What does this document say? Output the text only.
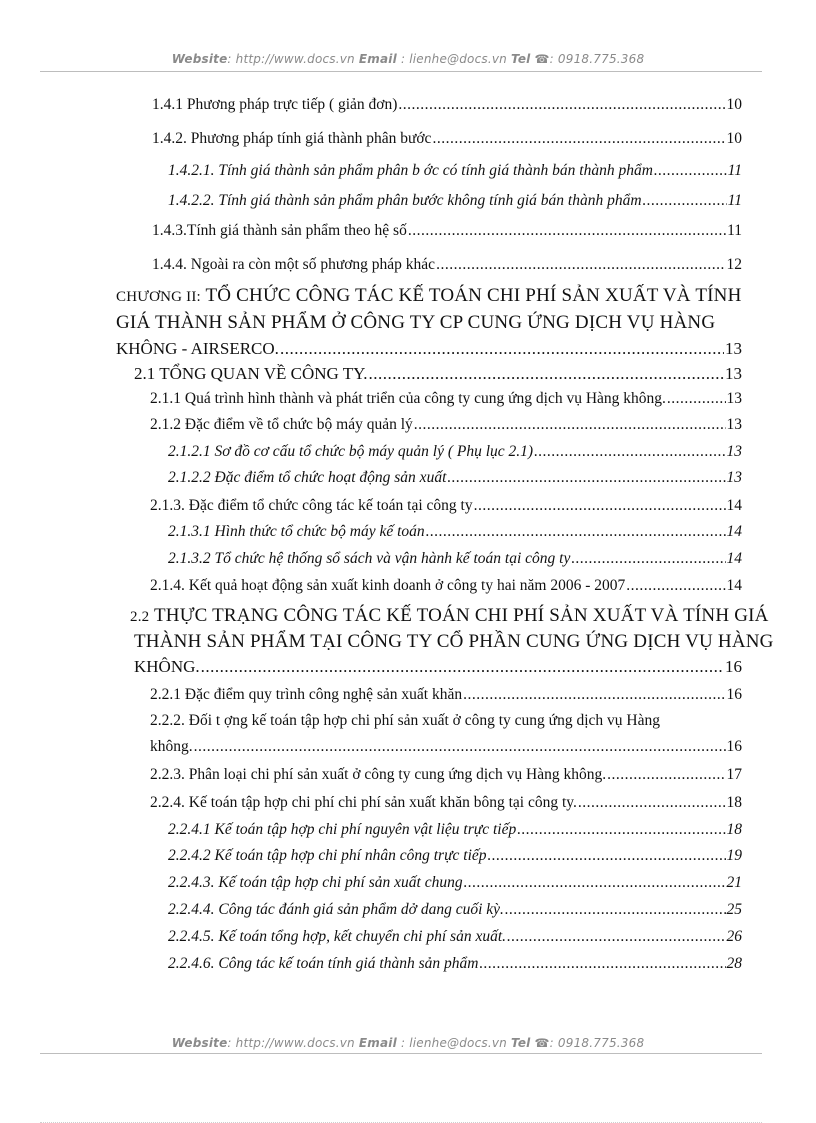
Website: http://www.docs.vn Email : lienhe@docs.vn Tel ☎: 0918.775.368
1.4.1 Phương pháp trực tiếp ( giản đơn) .....	10
1.4.2. Phương pháp tính giá thành phân bước .....	10
1.4.2.1. Tính giá thành sản phẩm phân b ớc có tính giá thành bán thành phẩm .....	11
1.4.2.2. Tính giá thành sản phẩm phân bước không tính giá bán thành phẩm .....	11
1.4.3.Tính giá thành sản phẩm theo hệ số .....	11
1.4.4. Ngoài ra còn một số phương pháp khác .....	12
CHƯƠNG II: TỔ CHỨC CÔNG TÁC KẾ TOÁN CHI PHÍ SẢN XUẤT VÀ TÍNH
GIÁ THÀNH SẢN PHẨM Ở CÔNG TY CP CUNG ỨNG DỊCH VỤ HÀNG
KHÔNG - AIRSERCO. .....	13
2.1 TỔNG QUAN VỀ CÔNG TY. .....	13
2.1.1 Quá trình hình thành và phát triển của công ty cung ứng dịch vụ Hàng không. .....	13
2.1.2 Đặc điểm về tổ chức bộ máy quản lý .....	13
2.1.2.1 Sơ đồ cơ cấu tổ chức bộ máy quản lý ( Phụ lục 2.1) .....	13
2.1.2.2 Đặc điểm tổ chức hoạt động sản xuất .....	13
2.1.3. Đặc điểm tổ chức công tác kế toán tại công ty .....	14
2.1.3.1 Hình thức tổ chức bộ máy kế toán .....	14
2.1.3.2 Tổ chức hệ thống sổ sách và vận hành kế toán tại công ty .....	14
2.1.4. Kết quả hoạt động sản xuất kinh doanh ở công ty hai năm 2006 - 2007 .....	14
2.2 THỰC TRẠNG CÔNG TÁC KẾ TOÁN CHI PHÍ SẢN XUẤT VÀ TÍNH GIÁ
THÀNH SẢN PHẨM TẠI CÔNG TY CỔ PHẦN CUNG ỨNG DỊCH VỤ HÀNG
KHÔNG. .....	16
2.2.1 Đặc điểm quy trình công nghệ sản xuất khăn .....	16
2.2.2. Đối t ợng kế toán tập hợp chi phí sản xuất ở công ty cung ứng dịch vụ Hàng
không. .....	16
2.2.3. Phân loại chi phí sản xuất ở công ty cung ứng dịch vụ Hàng không. .....	17
2.2.4. Kế toán tập hợp chi phí chi phí sản xuất khăn bông tại công ty. .....	18
2.2.4.1 Kế toán tập hợp chi phí nguyên vật liệu trực tiếp .....	18
2.2.4.2 Kế toán tập hợp chi phí nhân công trực tiếp .....	19
2.2.4.3. Kế toán tập hợp chi phí sản xuất chung .....	21
2.2.4.4. Công tác đánh giá sản phẩm dở dang cuối kỳ. .....	25
2.2.4.5. Kế toán tổng hợp, kết chuyển chi phí sản xuất. .....	26
2.2.4.6. Công tác kế toán tính giá thành sản phẩm .....	28
Website: http://www.docs.vn Email : lienhe@docs.vn Tel ☎: 0918.775.368
